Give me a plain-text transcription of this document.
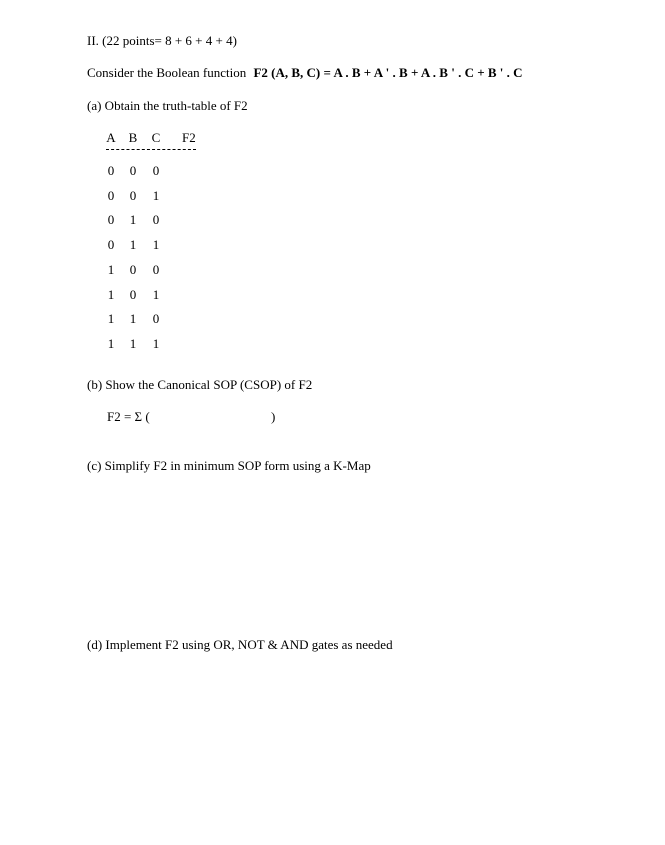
II. (22 points= 8 + 6 + 4 + 4)
Consider the Boolean function F2 (A, B, C) = A . B + A ' . B + A . B ' . C + B ' . C
(a) Obtain the truth-table of F2
A B C F2
0 0 0
0 0 1
0 1 0
0 1 1
1 0 0
1 0 1
1 1 0
1 1 1
(b) Show the Canonical SOP (CSOP) of F2
F2 = Σ (	)
(c) Simplify F2 in minimum SOP form using a K-Map
(d) Implement F2 using OR, NOT & AND gates as needed
